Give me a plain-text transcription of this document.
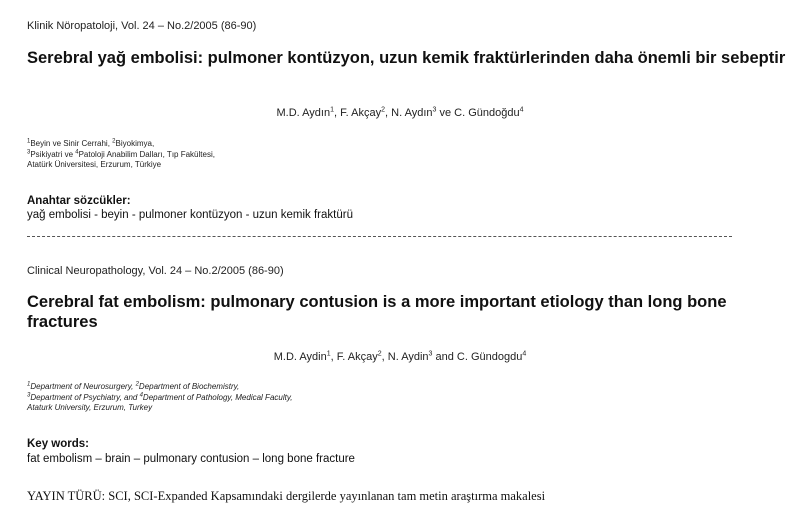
Klinik Nöropatoloji, Vol. 24 – No.2/2005 (86-90)
Serebral yağ embolisi: pulmoner kontüzyon, uzun kemik fraktürlerinden daha önemli bir sebeptir
M.D. Aydın$^1$, F. Akçay$^2$, N. Aydın$^3$ ve C. Gündoğdu$^4$
$^1$Beyin ve Sinir Cerrahi, $^2$Biyokimya,
$^3$Psikiyatri ve $^4$Patoloji Anabilim Dalları, Tıp Fakültesi,
Atatürk Üniversitesi, Erzurum, Türkiye
Anahtar sözcükler:
yağ embolisi - beyin - pulmoner kontüzyon - uzun kemik fraktürü
Clinical Neuropathology, Vol. 24 – No.2/2005 (86-90)
Cerebral fat embolism: pulmonary contusion is a more important etiology than long bone fractures
M.D. Aydin$^1$, F. Akçay$^2$, N. Aydin$^3$ and C. Gündogdu$^4$
$^1$Department of Neurosurgery, $^2$Department of Biochemistry,
$^3$Department of Psychiatry, and $^4$Department of Pathology, Medical Faculty,
Ataturk University, Erzurum, Turkey
Key words:
fat embolism – brain – pulmonary contusion – long bone fracture
YAYIN TÜRÜ: SCI, SCI-Expanded Kapsamındaki dergilerde yayınlanan tam metin araştırma makalesi
